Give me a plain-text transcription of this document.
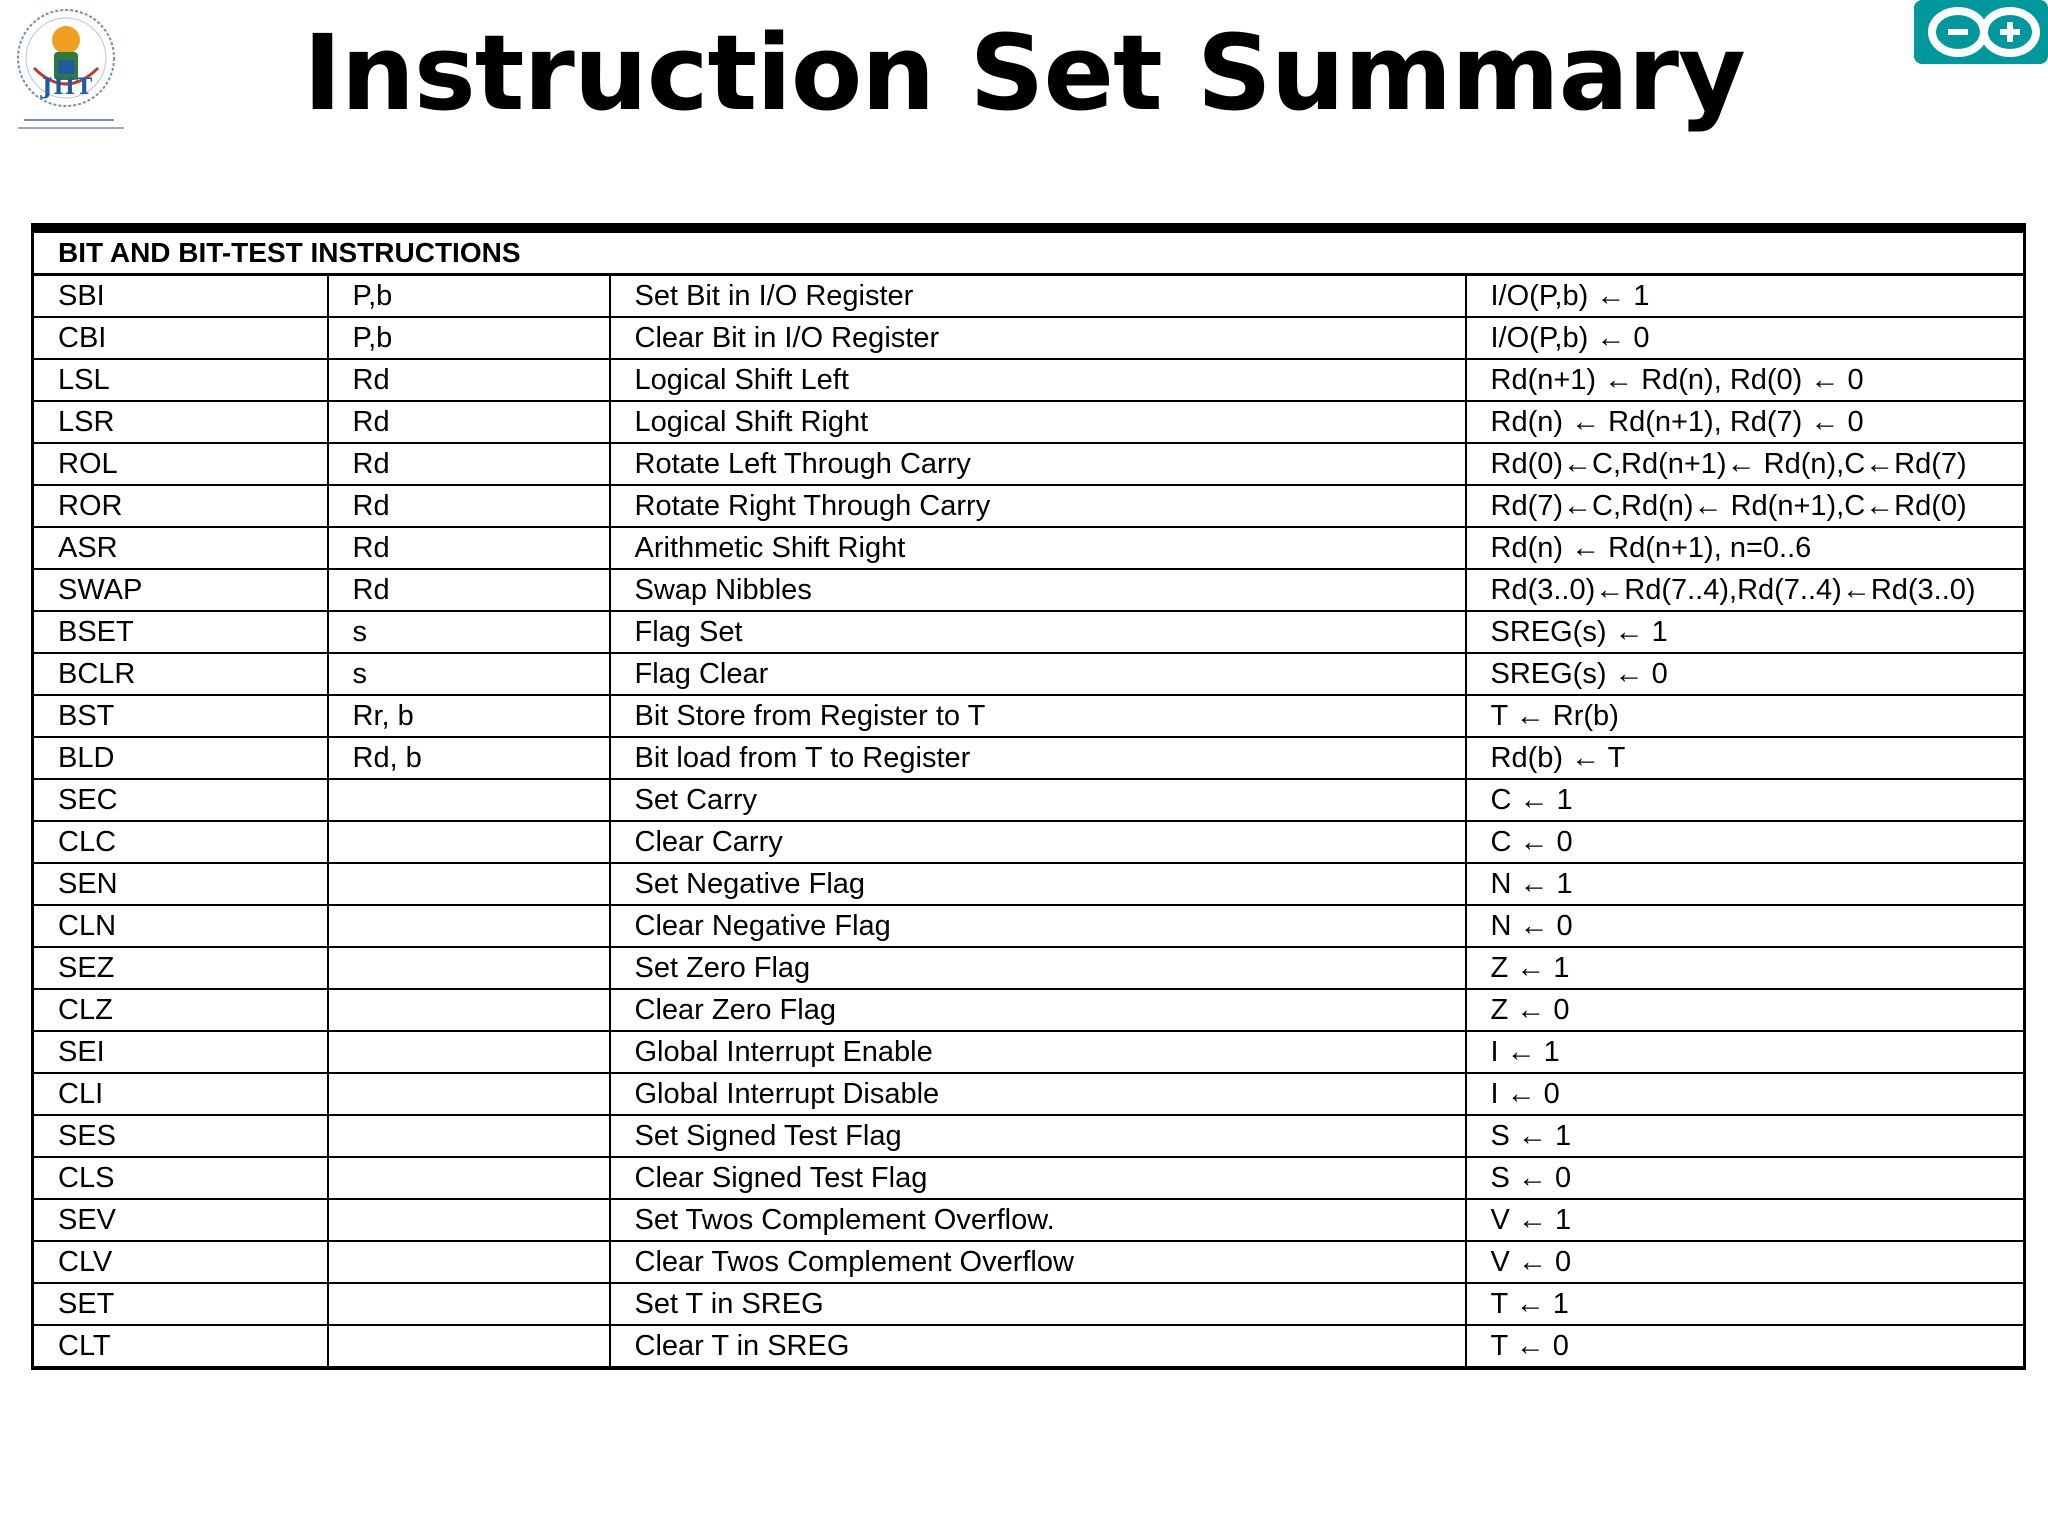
JIIT	Instruction Set Summary
BIT AND BIT-TEST INSTRUCTIONS			
SBI	P,b	Set Bit in I/O Register	I/O(P,b) ← 1
CBI	P,b	Clear Bit in I/O Register	I/O(P,b) ← 0
LSL	Rd	Logical Shift Left	Rd(n+1) ← Rd(n), Rd(0) ← 0
LSR	Rd	Logical Shift Right	Rd(n) ← Rd(n+1), Rd(7) ← 0
ROL	Rd	Rotate Left Through Carry	Rd(0)←C,Rd(n+1)← Rd(n),C←Rd(7)
ROR	Rd	Rotate Right Through Carry	Rd(7)←C,Rd(n)← Rd(n+1),C←Rd(0)
ASR	Rd	Arithmetic Shift Right	Rd(n) ← Rd(n+1), n=0..6
SWAP	Rd	Swap Nibbles	Rd(3..0)←Rd(7..4),Rd(7..4)←Rd(3..0)
BSET	s	Flag Set	SREG(s) ← 1
BCLR	s	Flag Clear	SREG(s) ← 0
BST	Rr, b	Bit Store from Register to T	T ← Rr(b)
BLD	Rd, b	Bit load from T to Register	Rd(b) ← T
SEC		Set Carry	C ← 1
CLC		Clear Carry	C ← 0
SEN		Set Negative Flag	N ← 1
CLN		Clear Negative Flag	N ← 0
SEZ		Set Zero Flag	Z ← 1
CLZ		Clear Zero Flag	Z ← 0
SEI		Global Interrupt Enable	I ← 1
CLI		Global Interrupt Disable	I ← 0
SES		Set Signed Test Flag	S ← 1
CLS		Clear Signed Test Flag	S ← 0
SEV		Set Twos Complement Overflow.	V ← 1
CLV		Clear Twos Complement Overflow	V ← 0
SET		Set T in SREG	T ← 1
CLT		Clear T in SREG	T ← 0
